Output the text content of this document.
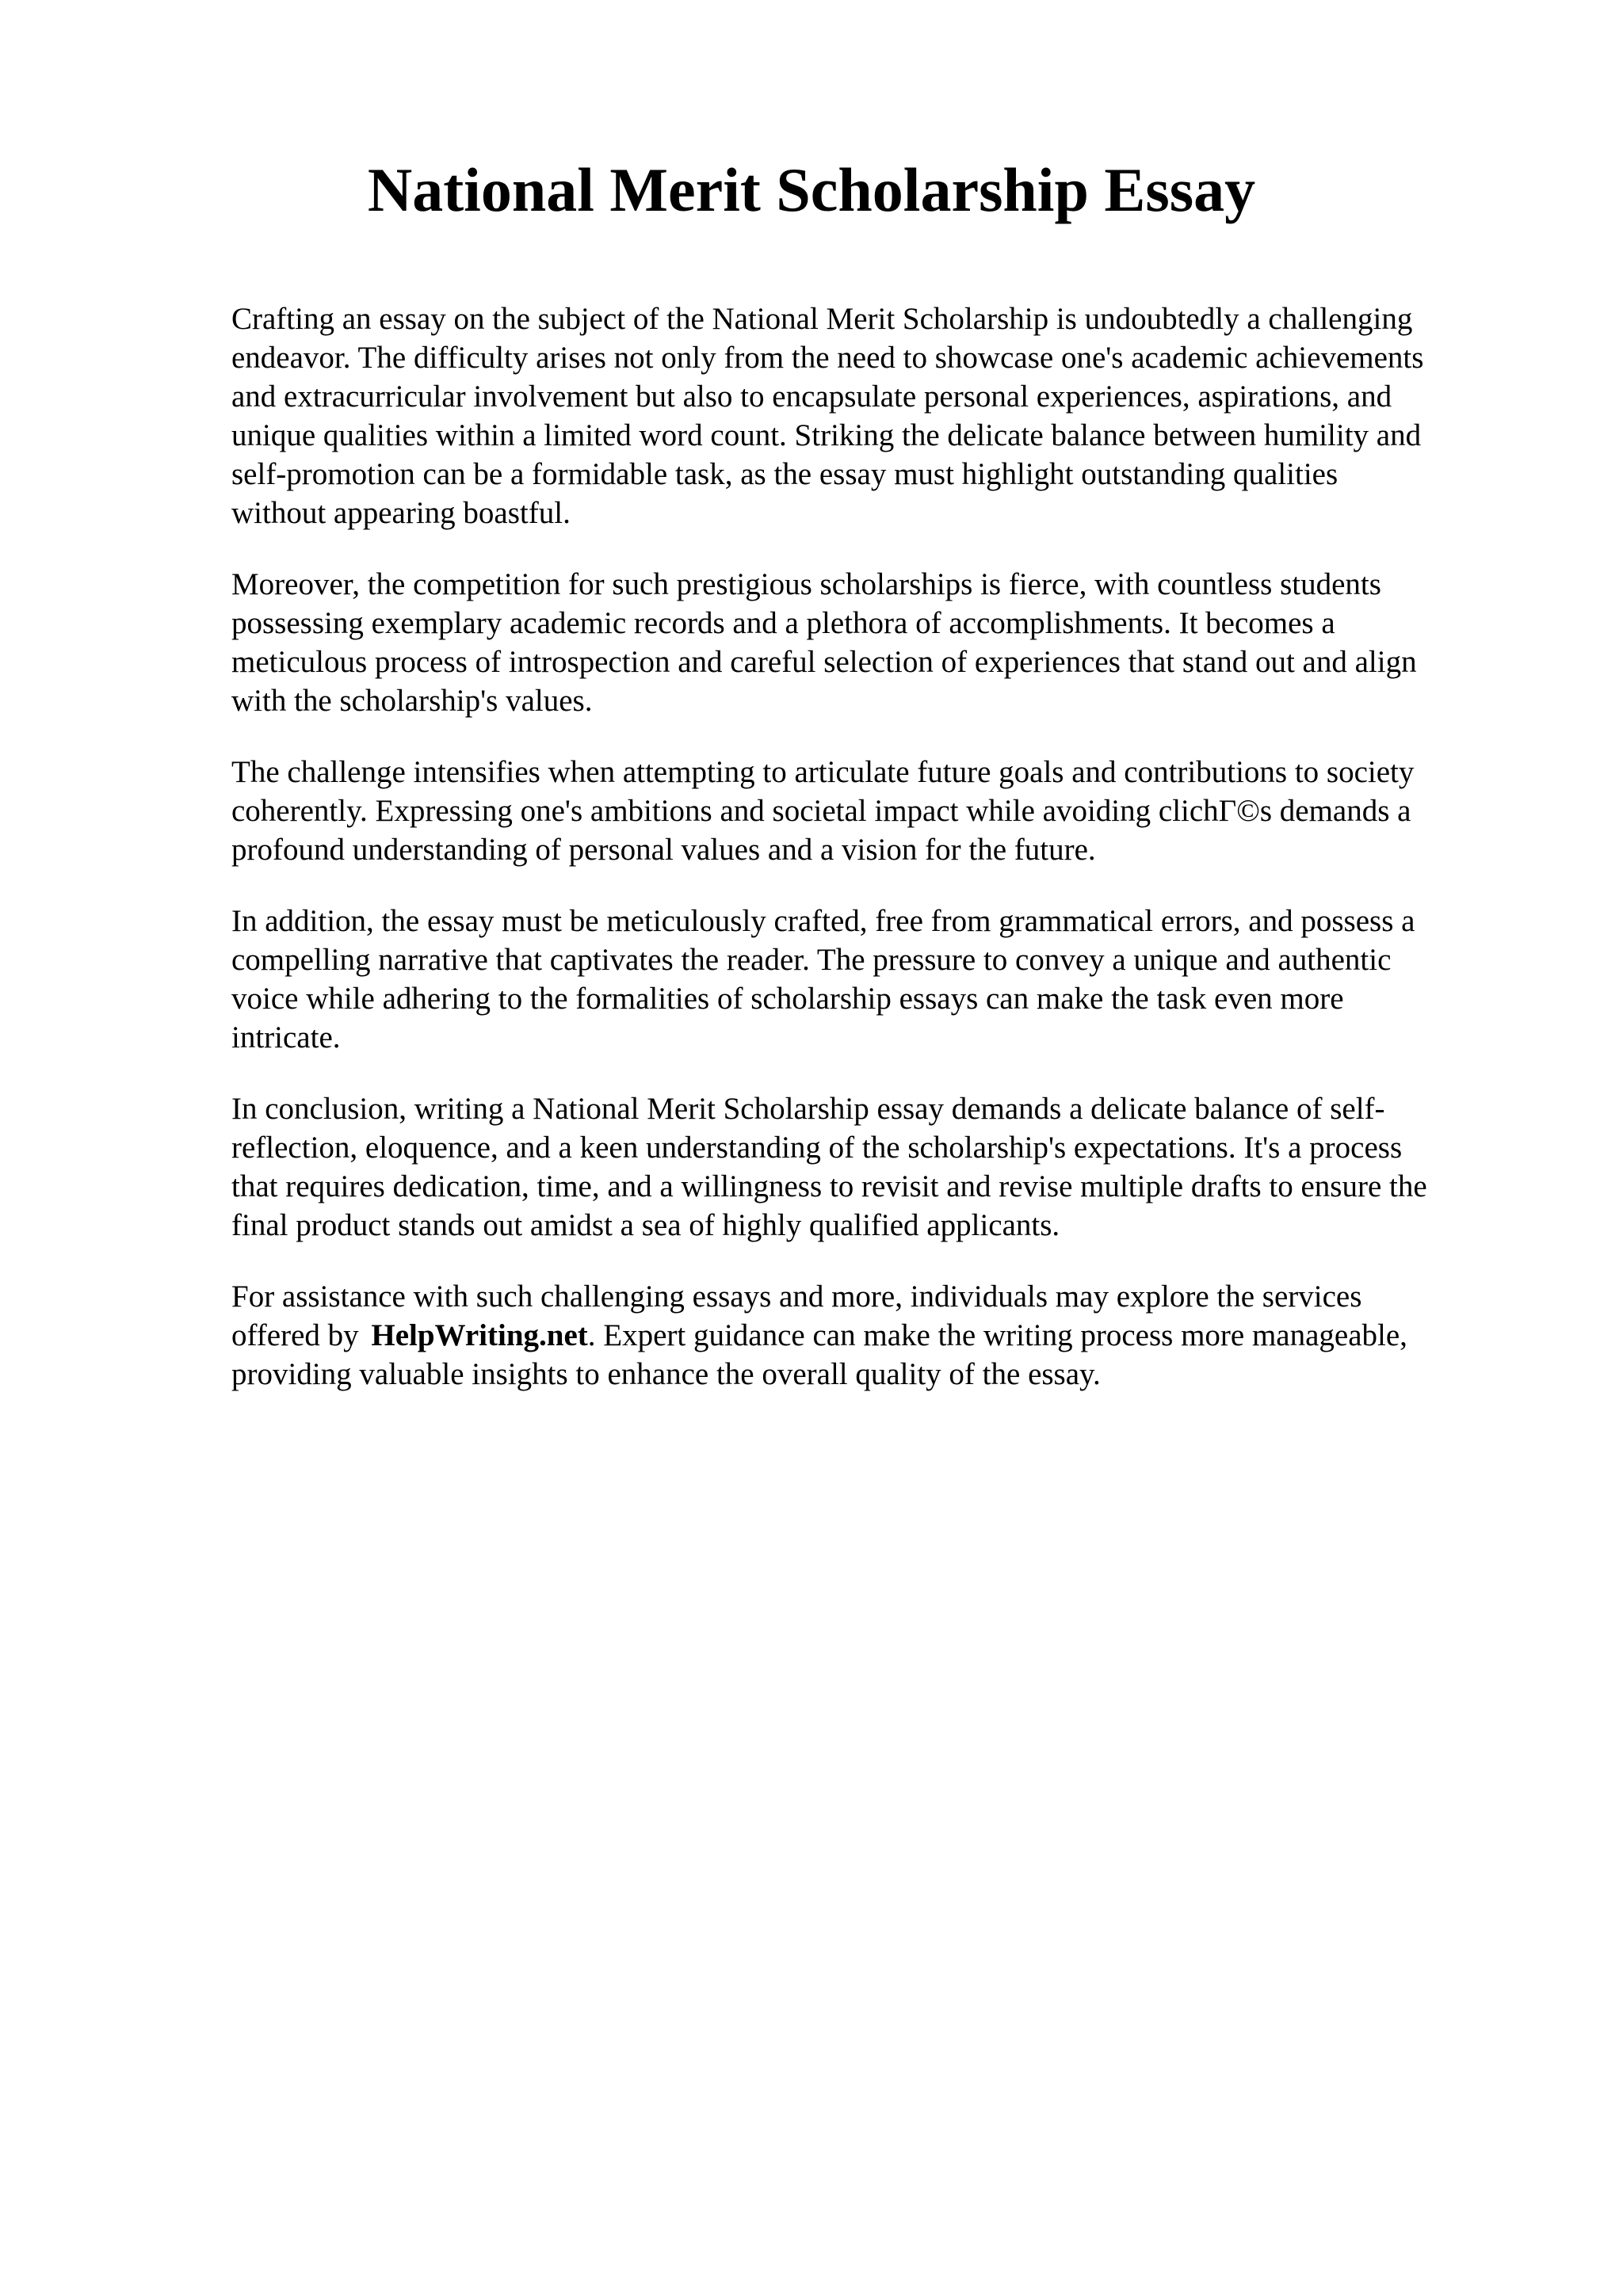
National Merit Scholarship Essay

Crafting an essay on the subject of the National Merit Scholarship is undoubtedly a challenging
endeavor. The difficulty arises not only from the need to showcase one's academic achievements
and extracurricular involvement but also to encapsulate personal experiences, aspirations, and
unique qualities within a limited word count. Striking the delicate balance between humility and
self-promotion can be a formidable task, as the essay must highlight outstanding qualities
without appearing boastful.

Moreover, the competition for such prestigious scholarships is fierce, with countless students
possessing exemplary academic records and a plethora of accomplishments. It becomes a
meticulous process of introspection and careful selection of experiences that stand out and align
with the scholarship's values.

The challenge intensifies when attempting to articulate future goals and contributions to society
coherently. Expressing one's ambitions and societal impact while avoiding clichΓ©s demands a
profound understanding of personal values and a vision for the future.

In addition, the essay must be meticulously crafted, free from grammatical errors, and possess a
compelling narrative that captivates the reader. The pressure to convey a unique and authentic
voice while adhering to the formalities of scholarship essays can make the task even more
intricate.

In conclusion, writing a National Merit Scholarship essay demands a delicate balance of self-
reflection, eloquence, and a keen understanding of the scholarship's expectations. It's a process
that requires dedication, time, and a willingness to revisit and revise multiple drafts to ensure the
final product stands out amidst a sea of highly qualified applicants.

For assistance with such challenging essays and more, individuals may explore the services
offered by HelpWriting.net. Expert guidance can make the writing process more manageable,
providing valuable insights to enhance the overall quality of the essay.
